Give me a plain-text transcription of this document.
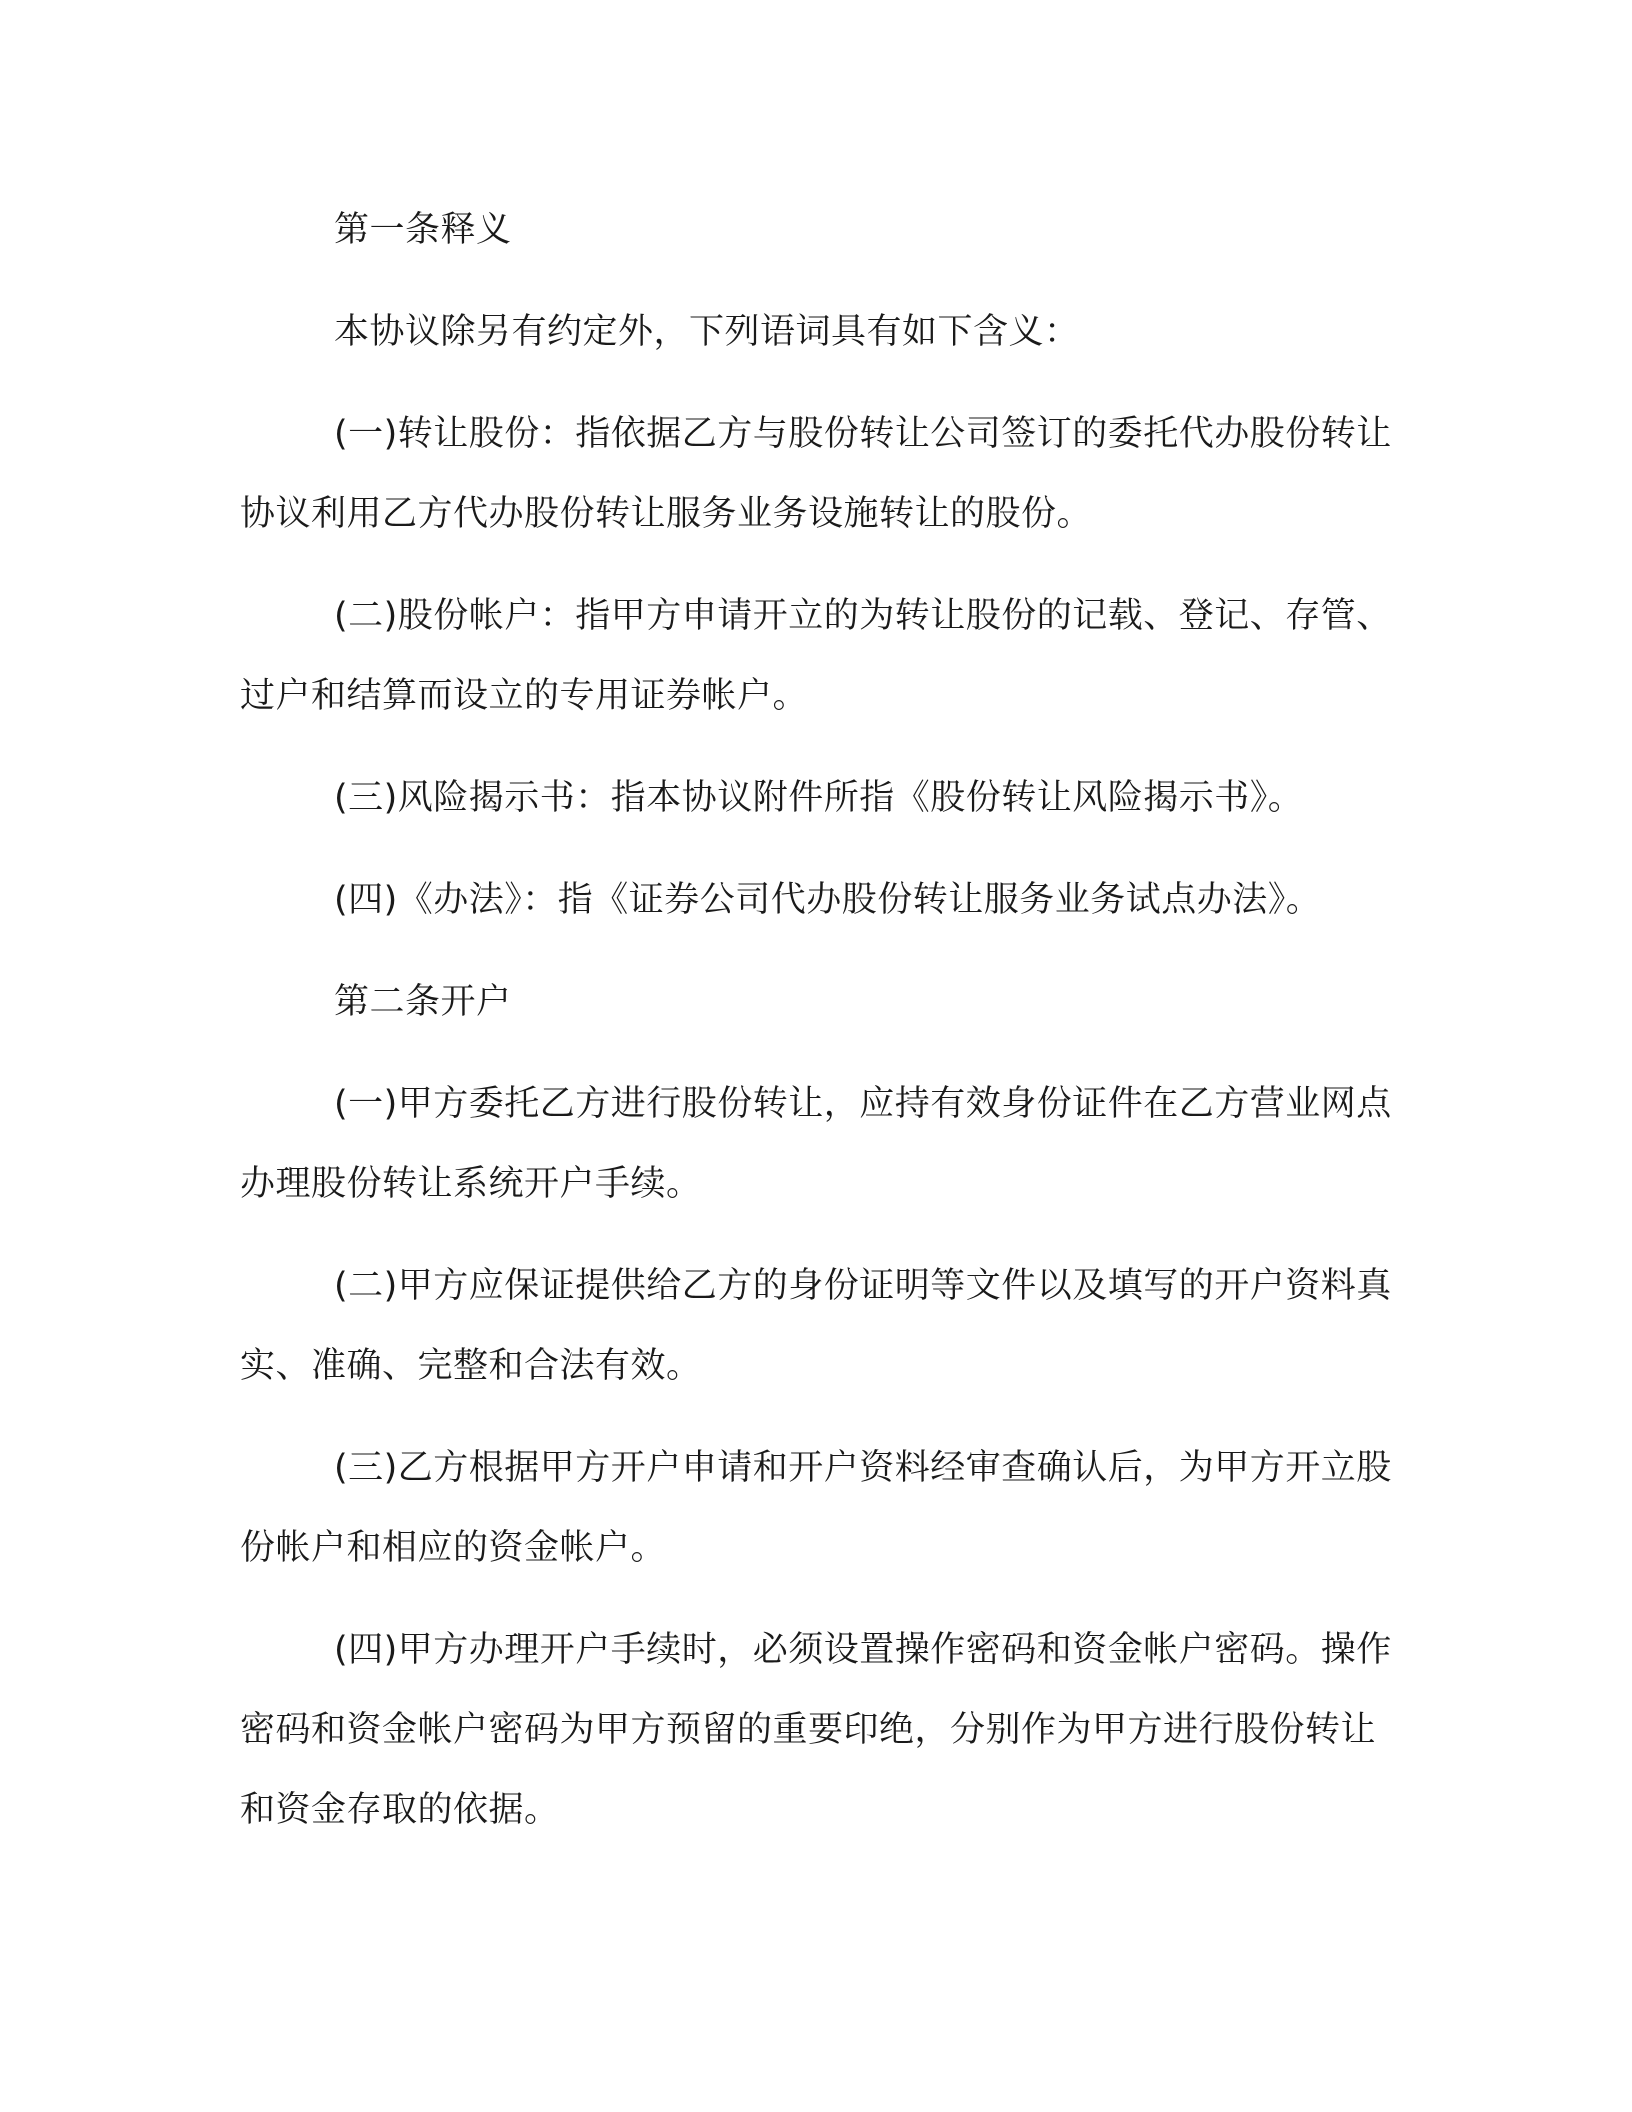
第一条释义

本协议除另有约定外，下列语词具有如下含义：

(一)转让股份：指依据乙方与股份转让公司签订的委托代办股份转让协议利用乙方代办股份转让服务业务设施转让的股份。

(二)股份帐户：指甲方申请开立的为转让股份的记载、登记、存管、过户和结算而设立的专用证券帐户。

(三)风险揭示书：指本协议附件所指《股份转让风险揭示书》。

(四)《办法》：指《证券公司代办股份转让服务业务试点办法》。

第二条开户

(一)甲方委托乙方进行股份转让，应持有效身份证件在乙方营业网点办理股份转让系统开户手续。

(二)甲方应保证提供给乙方的身份证明等文件以及填写的开户资料真实、准确、完整和合法有效。

(三)乙方根据甲方开户申请和开户资料经审查确认后，为甲方开立股份帐户和相应的资金帐户。

(四)甲方办理开户手续时，必须设置操作密码和资金帐户密码。操作密码和资金帐户密码为甲方预留的重要印绝，分别作为甲方进行股份转让和资金存取的依据。
